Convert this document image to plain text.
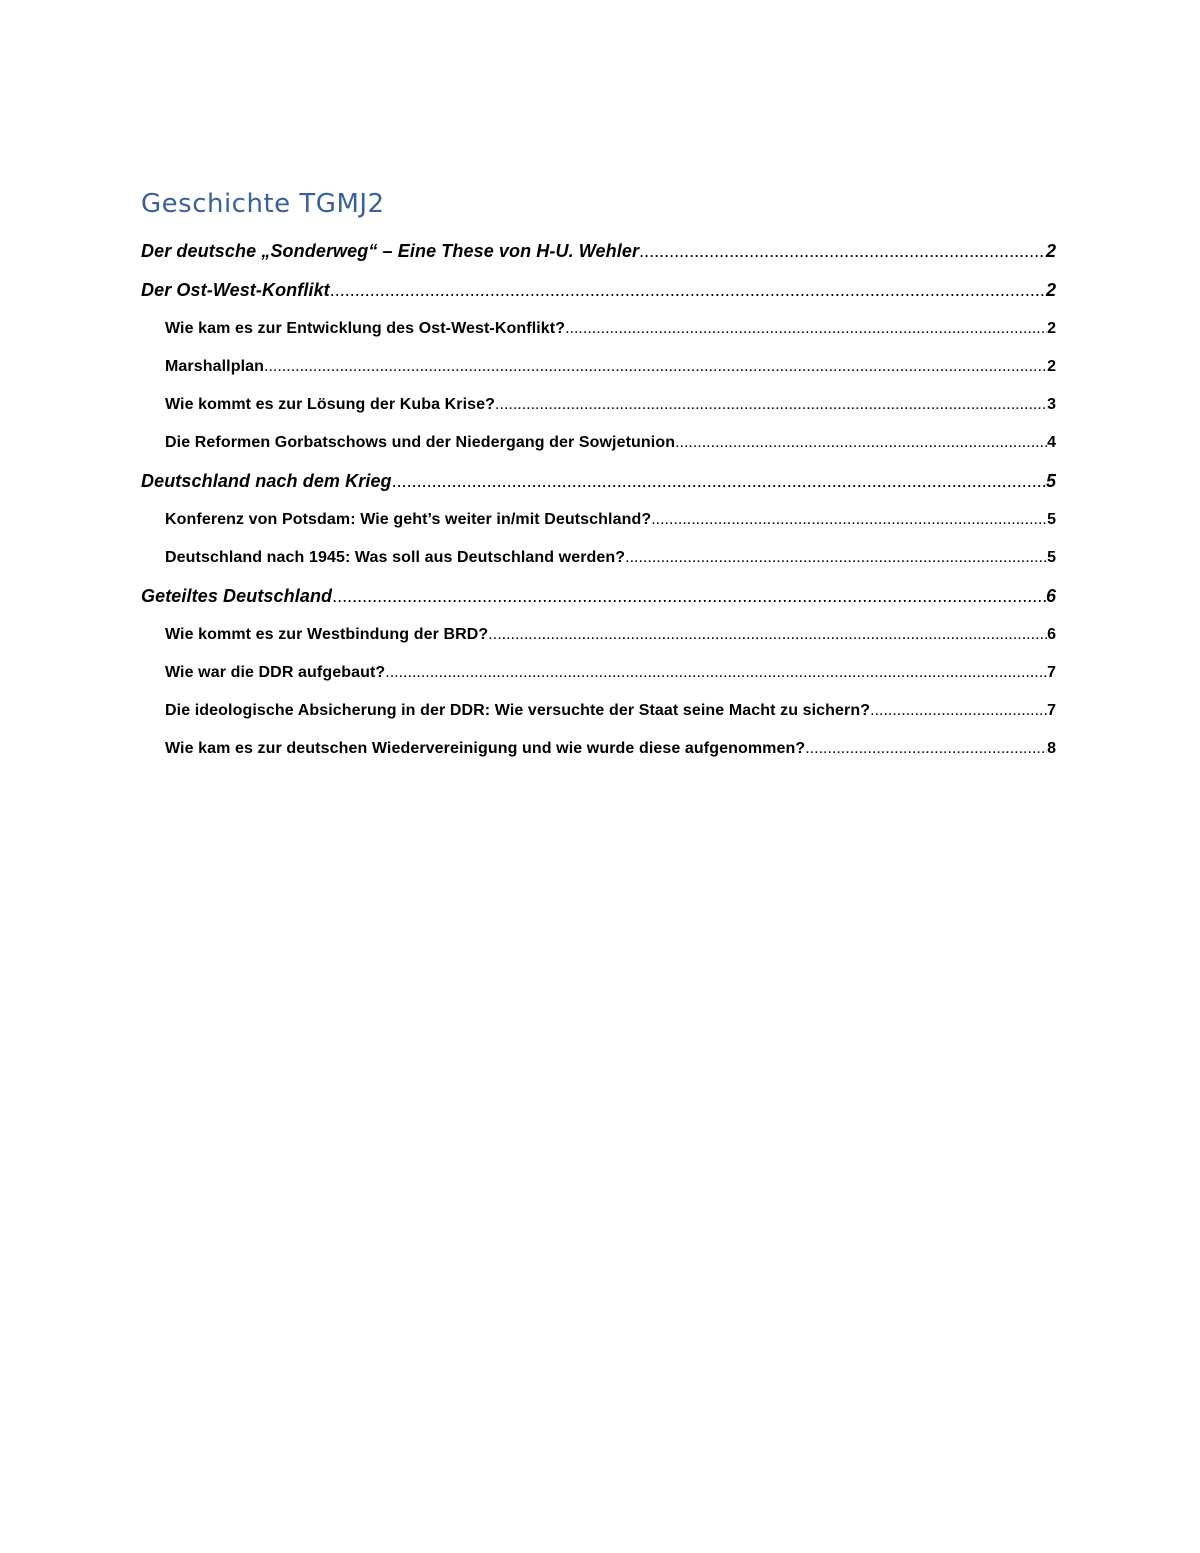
Geschichte TGMJ2
Der deutsche „Sonderweg“ – Eine These von H-U. Wehler .....	2
Der Ost-West-Konflikt .....	2
Wie kam es zur Entwicklung des Ost-West-Konflikt? .....	2
Marshallplan .....	2
Wie kommt es zur Lösung der Kuba Krise? .....	3
Die Reformen Gorbatschows und der Niedergang der Sowjetunion .....	4
Deutschland nach dem Krieg .....	5
Konferenz von Potsdam: Wie geht’s weiter in/mit Deutschland? .....	5
Deutschland nach 1945: Was soll aus Deutschland werden? .....	5
Geteiltes Deutschland .....	6
Wie kommt es zur Westbindung der BRD? .....	6
Wie war die DDR aufgebaut? .....	7
Die ideologische Absicherung in der DDR: Wie versuchte der Staat seine Macht zu sichern? .....	7
Wie kam es zur deutschen Wiedervereinigung und wie wurde diese aufgenommen? .....	8
